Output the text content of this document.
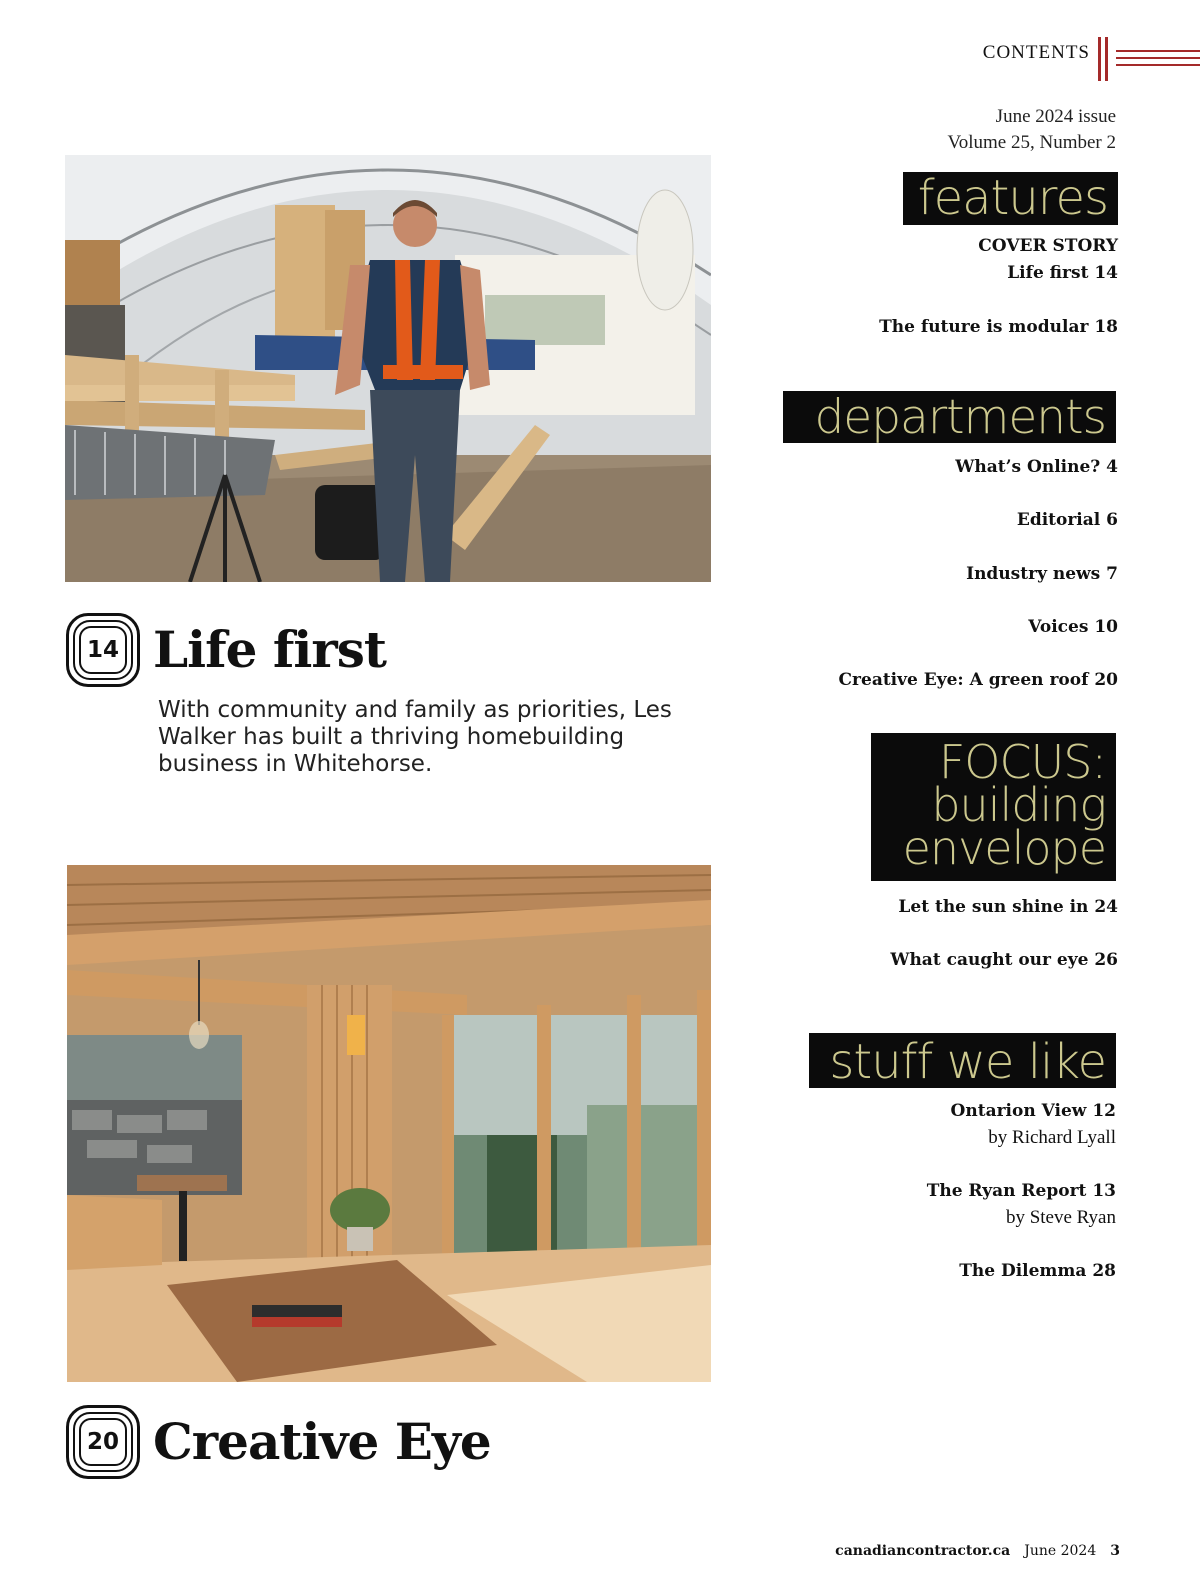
CONTENTS
June 2024 issue
Volume 25, Number 2
features
COVER STORY
Life first 14
The future is modular 18
departments
What’s Online? 4
Editorial 6
Industry news 7
Voices 10
Creative Eye: A green roof 20
FOCUS:
building
envelope
Let the sun shine in 24
What caught our eye 26
stuff we like
Ontarion View 12
by Richard Lyall
The Ryan Report 13
by Steve Ryan
The Dilemma 28
14 Life first
With community and family as priorities, Les Walker has built a thriving homebuilding business in Whitehorse.
20 Creative Eye
canadiancontractor.ca June 2024 3
